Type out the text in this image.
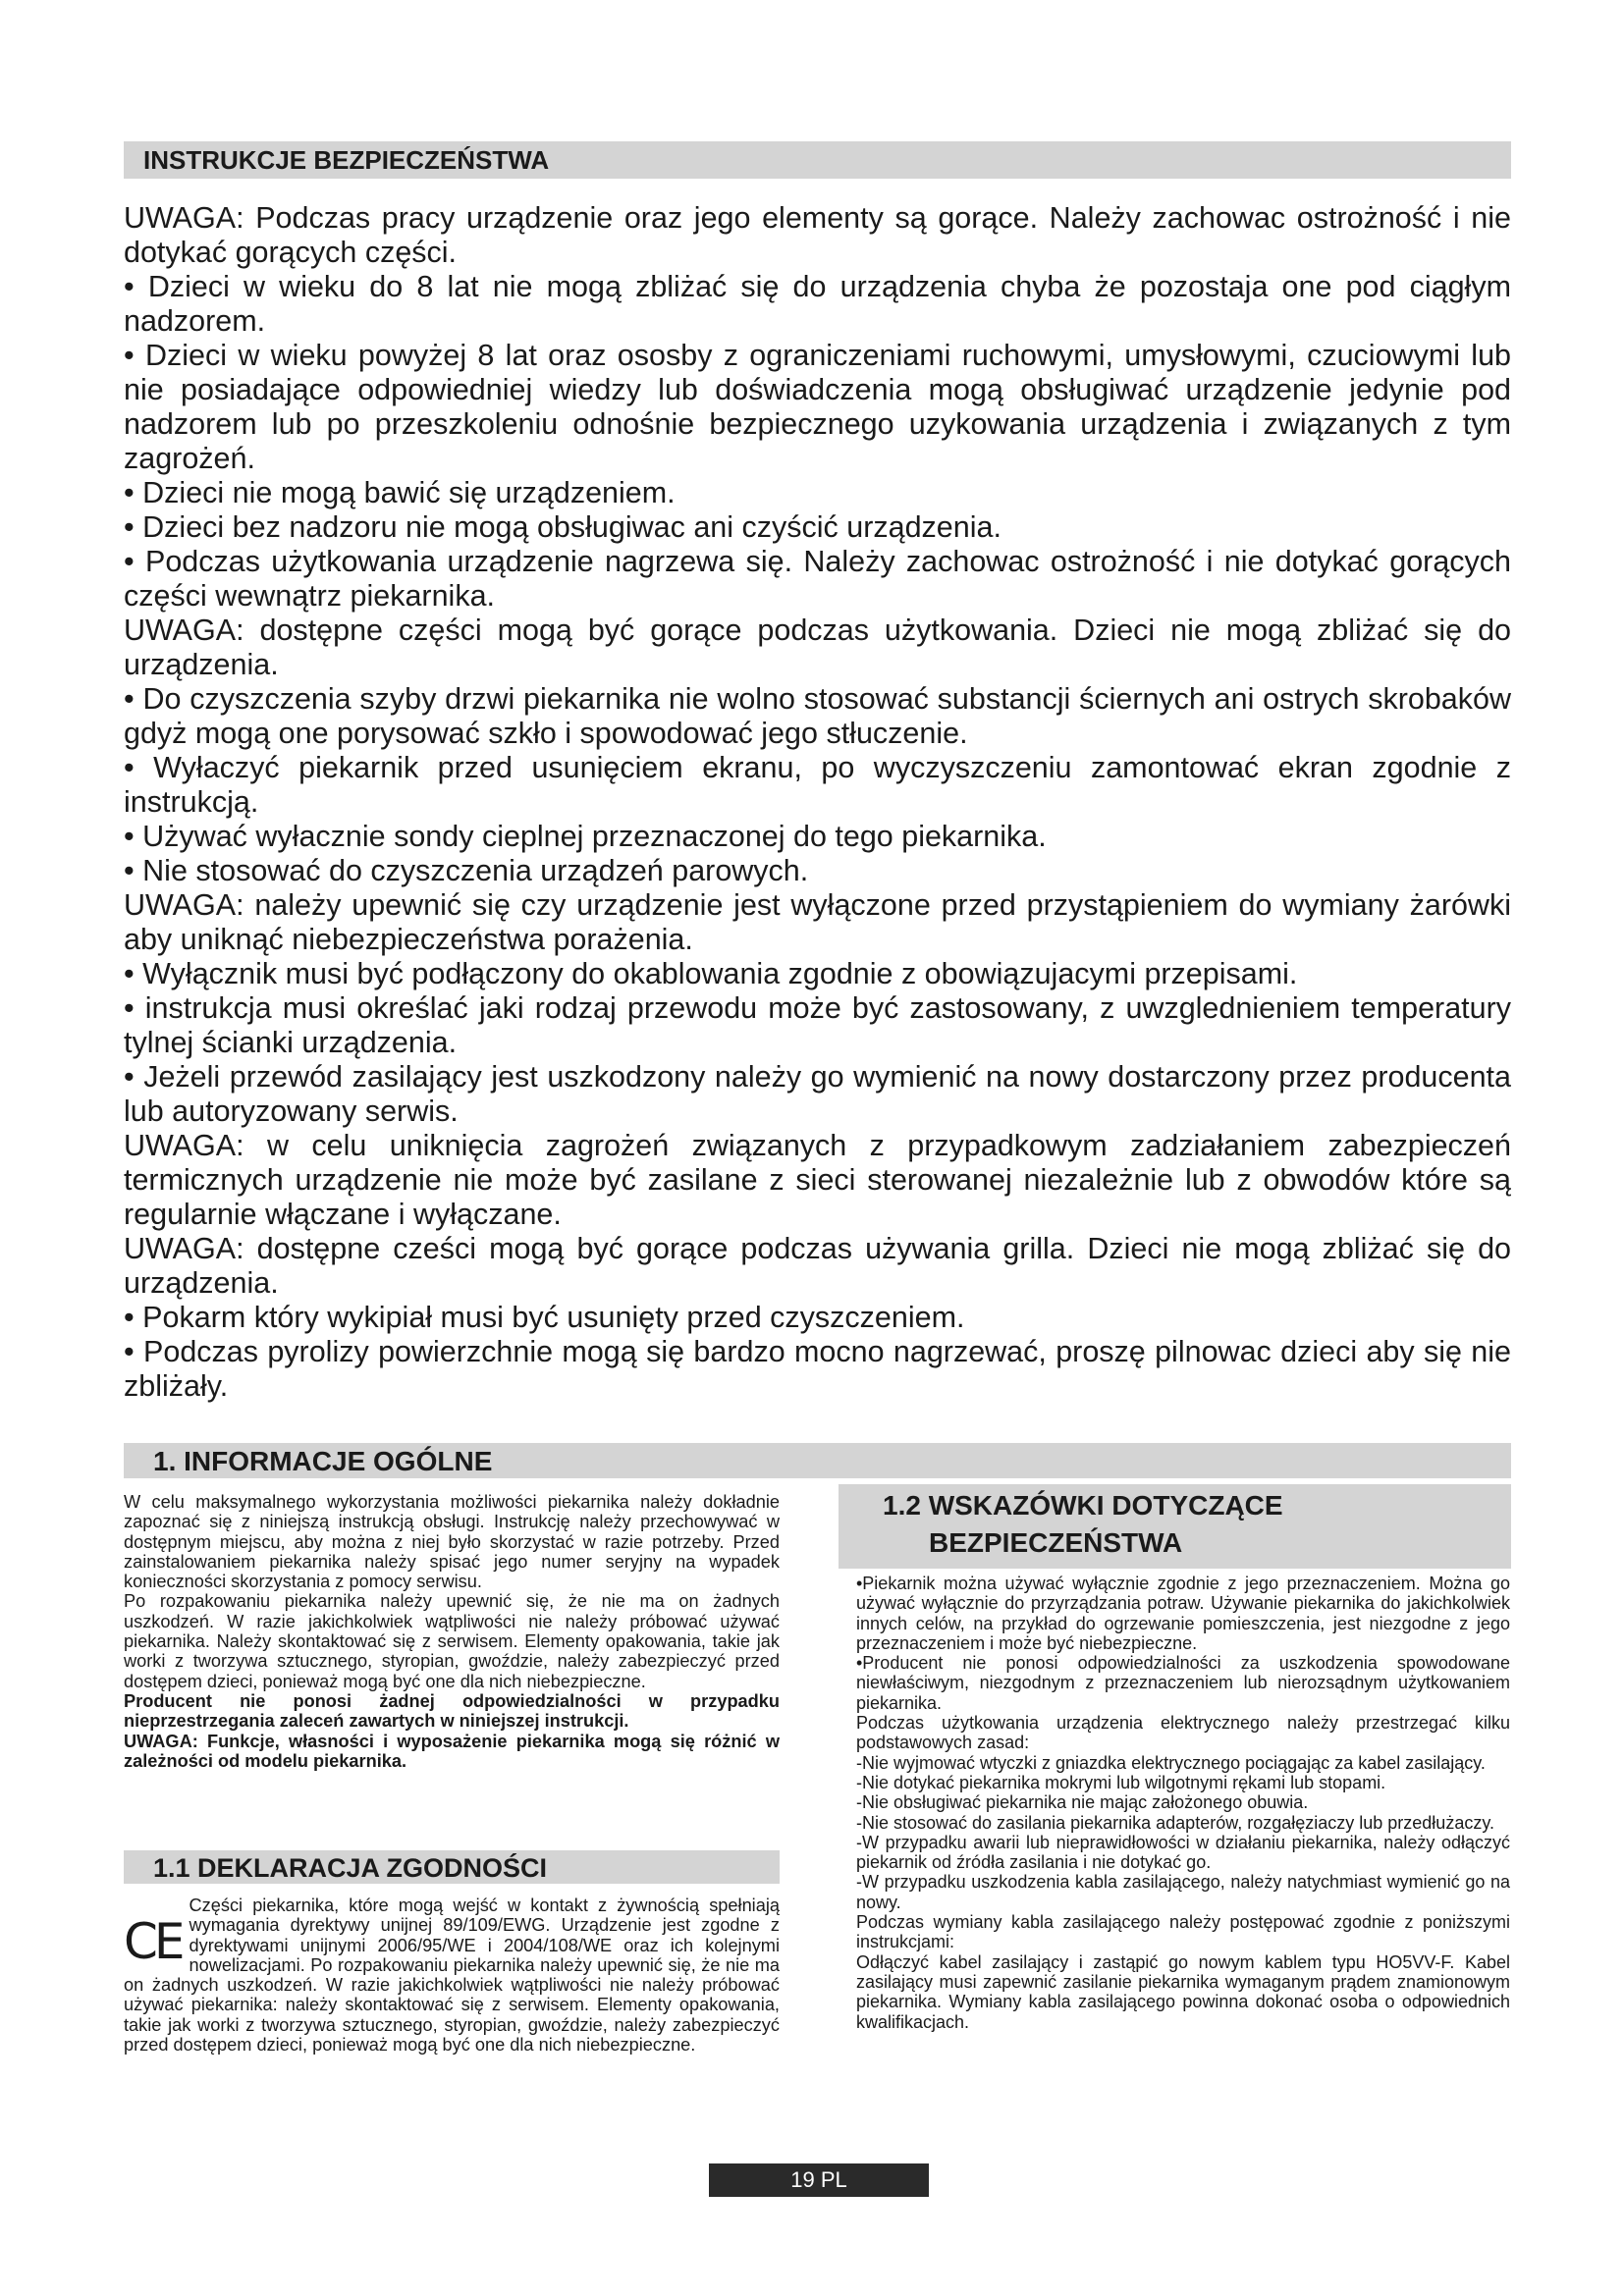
INSTRUKCJE BEZPIECZEŃSTWA

UWAGA: Podczas pracy urządzenie oraz jego elementy są gorące. Należy zachowac ostrożność i nie dotykać gorących części.

• Dzieci w wieku do 8 lat nie mogą zbliżać się do urządzenia chyba że pozostaja one pod ciągłym nadzorem.

• Dzieci w wieku powyżej 8 lat oraz ososby z ograniczeniami ruchowymi, umysłowymi, czuciowymi lub nie posiadające odpowiedniej wiedzy lub doświadczenia mogą obsługiwać urządzenie jedynie pod nadzorem lub po przeszkoleniu odnośnie bezpiecznego uzykowania urządzenia i związanych z tym zagrożeń.

• Dzieci nie mogą bawić się urządzeniem.

• Dzieci bez nadzoru nie mogą obsługiwac ani czyścić urządzenia.

• Podczas użytkowania urządzenie nagrzewa się. Należy zachowac ostrożność i nie dotykać gorących części wewnątrz piekarnika.

UWAGA: dostępne części mogą być gorące podczas użytkowania. Dzieci nie mogą zbliżać się do urządzenia.

• Do czyszczenia szyby drzwi piekarnika nie wolno stosować substancji ściernych ani ostrych skrobaków gdyż mogą one porysować szkło i spowodować jego stłuczenie.

• Wyłaczyć piekarnik przed usunięciem ekranu, po wyczyszczeniu zamontować ekran zgodnie z instrukcją.

• Używać wyłacznie sondy cieplnej przeznaczonej do tego piekarnika.

• Nie stosować do czyszczenia urządzeń parowych.

UWAGA: należy upewnić się czy urządzenie jest wyłączone przed przystąpieniem do wymiany żarówki aby uniknąć niebezpieczeństwa porażenia.

• Wyłącznik musi być podłączony do okablowania zgodnie z obowiązujacymi przepisami.

• instrukcja musi określać jaki rodzaj przewodu może być zastosowany, z uwzglednieniem temperatury tylnej ścianki urządzenia.

• Jeżeli przewód zasilający jest uszkodzony należy go wymienić na nowy dostarczony przez producenta lub autoryzowany serwis.

UWAGA: w celu uniknięcia zagrożeń związanych z przypadkowym zadziałaniem zabezpieczeń termicznych urządzenie nie może być zasilane z sieci sterowanej niezależnie lub z obwodów które są regularnie włączane i wyłączane.

UWAGA: dostępne cześci mogą być gorące podczas używania grilla. Dzieci nie mogą zbliżać się do urządzenia.

• Pokarm który wykipiał musi być usunięty przed czyszczeniem.

• Podczas pyrolizy powierzchnie mogą się bardzo mocno nagrzewać, proszę pilnowac dzieci aby się nie zbliżały.

1. INFORMACJE OGÓLNE

W celu maksymalnego wykorzystania możliwości piekarnika należy dokładnie zapoznać się z niniejszą instrukcją obsługi. Instrukcję należy przechowywać w dostępnym miejscu, aby można z niej było skorzystać w razie potrzeby. Przed zainstalowaniem piekarnika należy spisać jego numer seryjny na wypadek konieczności skorzystania z pomocy serwisu.

Po rozpakowaniu piekarnika należy upewnić się, że nie ma on żadnych uszkodzeń. W razie jakichkolwiek wątpliwości nie należy próbować używać piekarnika. Należy skontaktować się z serwisem. Elementy opakowania, takie jak worki z tworzywa sztucznego, styropian, gwoździe, należy zabezpieczyć przed dostępem dzieci, ponieważ mogą być one dla nich niebezpieczne.

Producent nie ponosi żadnej odpowiedzialności w przypadku nieprzestrzegania zaleceń zawartych w niniejszej instrukcji.

UWAGA: Funkcje, własności i wyposażenie piekarnika mogą się różnić w zależności od modelu piekarnika.

1.1 DEKLARACJA ZGODNOŚCI

CE
Części piekarnika, które mogą wejść w kontakt z żywnością spełniają wymagania dyrektywy unijnej 89/109/EWG. Urządzenie jest zgodne z dyrektywami unijnymi 2006/95/WE i 2004/108/WE oraz ich kolejnymi nowelizacjami. Po rozpakowaniu piekarnika należy upewnić się, że nie ma on żadnych uszkodzeń. W razie jakichkolwiek wątpliwości nie należy próbować używać piekarnika: należy skontaktować się z serwisem. Elementy opakowania, takie jak worki z tworzywa sztucznego, styropian, gwoździe, należy zabezpieczyć przed dostępem dzieci, ponieważ mogą być one dla nich niebezpieczne.

1.2 WSKAZÓWKI DOTYCZĄCE
BEZPIECZEŃSTWA

•Piekarnik można używać wyłącznie zgodnie z jego przeznaczeniem. Można go używać wyłącznie do przyrządzania potraw. Używanie piekarnika do jakichkolwiek innych celów, na przykład do ogrzewanie pomieszczenia, jest niezgodne z jego przeznaczeniem i może być niebezpieczne.

•Producent nie ponosi odpowiedzialności za uszkodzenia spowodowane niewłaściwym, niezgodnym z przeznaczeniem lub nierozsądnym użytkowaniem piekarnika.

Podczas użytkowania urządzenia elektrycznego należy przestrzegać kilku podstawowych zasad:

-Nie wyjmować wtyczki z gniazdka elektrycznego pociągając za kabel zasilający.

-Nie dotykać piekarnika mokrymi lub wilgotnymi rękami lub stopami.

-Nie obsługiwać piekarnika nie mając założonego obuwia.

-Nie stosować do zasilania piekarnika adapterów, rozgałęziaczy lub przedłużaczy.

-W przypadku awarii lub nieprawidłowości w działaniu piekarnika, należy odłączyć piekarnik od źródła zasilania i nie dotykać go.

-W przypadku uszkodzenia kabla zasilającego, należy natychmiast wymienić go na nowy.

Podczas wymiany kabla zasilającego należy postępować zgodnie z poniższymi instrukcjami:

Odłączyć kabel zasilający i zastąpić go nowym kablem typu HO5VV-F. Kabel zasilający musi zapewnić zasilanie piekarnika wymaganym prądem znamionowym piekarnika. Wymiany kabla zasilającego powinna dokonać osoba o odpowiednich kwalifikacjach.

19 PL
